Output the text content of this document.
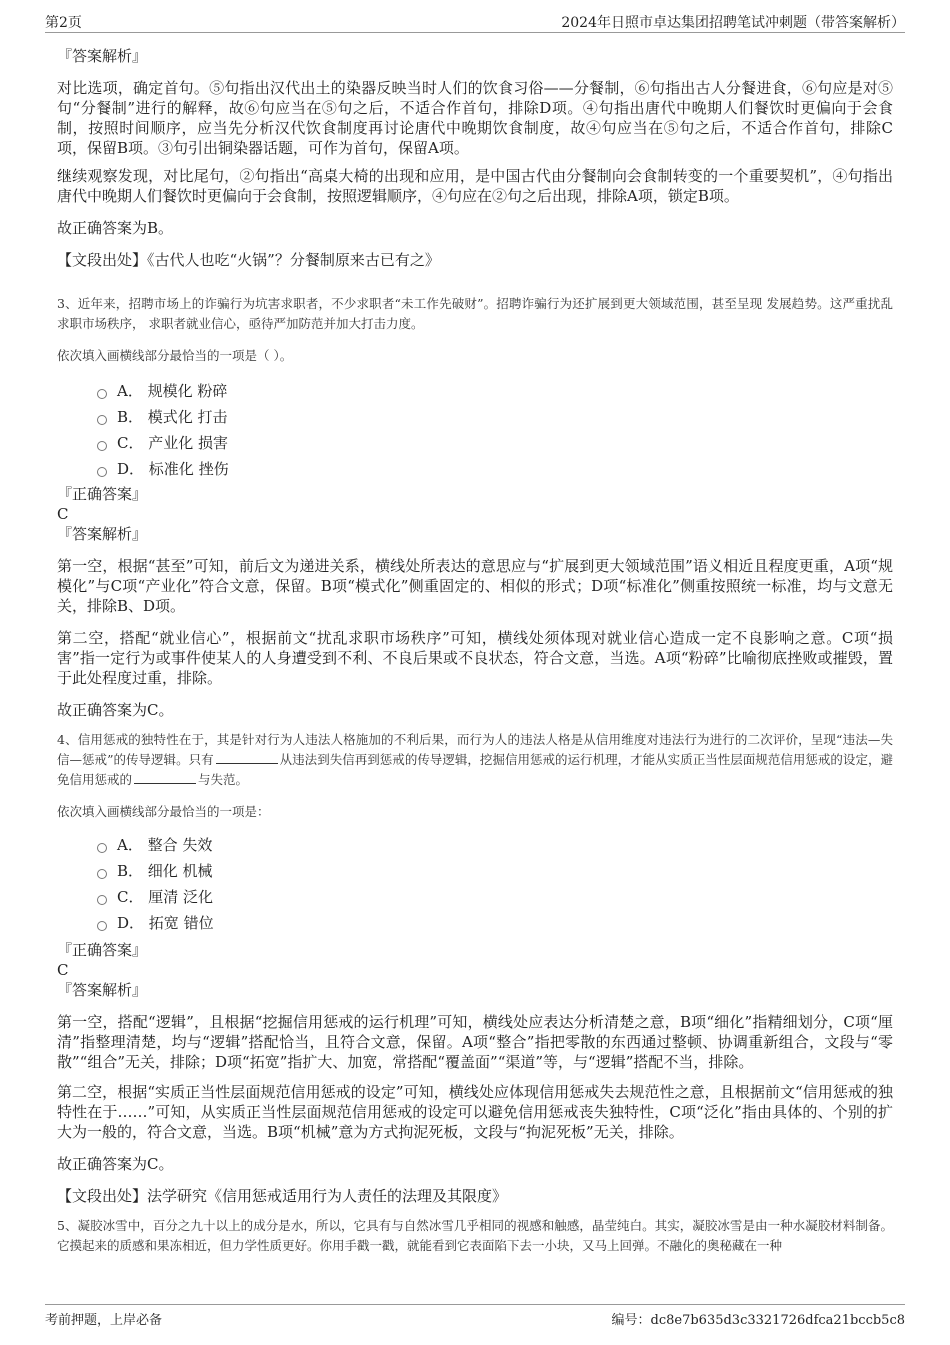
第2页	2024年日照市卓达集团招聘笔试冲刺题（带答案解析）

『答案解析』

对比选项，确定首句。⑤句指出汉代出土的染器反映当时人们的饮食习俗——分餐制，⑥句指出古人分餐进食，⑥句应是对⑤句“分餐制”进行的解释，故⑥句应当在⑤句之后，不适合作首句，排除D项。④句指出唐代中晚期人们餐饮时更偏向于会食制，按照时间顺序，应当先分析汉代饮食制度再讨论唐代中晚期饮食制度，故④句应当在⑤句之后，不适合作首句，排除C项，保留B项。③句引出铜染器话题，可作为首句，保留A项。

继续观察发现，对比尾句，②句指出“高桌大椅的出现和应用，是中国古代由分餐制向会食制转变的一个重要契机”，④句指出唐代中晚期人们餐饮时更偏向于会食制，按照逻辑顺序，④句应在②句之后出现，排除A项，锁定B项。

故正确答案为B。

【文段出处】《古代人也吃“火锅”？分餐制原来古已有之》

3、近年来，招聘市场上的诈骗行为坑害求职者，不少求职者“未工作先破财”。招聘诈骗行为还扩展到更大领域范围，甚至呈现 发展趋势。这严重扰乱求职市场秩序， 求职者就业信心，亟待严加防范并加大打击力度。

依次填入画横线部分最恰当的一项是（ ）。

A． 规模化 粉碎
B． 模式化 打击
C． 产业化 损害
D． 标准化 挫伤

『正确答案』

C

『答案解析』

第一空，根据“甚至”可知，前后文为递进关系，横线处所表达的意思应与“扩展到更大领域范围”语义相近且程度更重，A项“规模化”与C项“产业化”符合文意，保留。B项“模式化”侧重固定的、相似的形式；D项“标准化”侧重按照统一标准，均与文意无关，排除B、D项。

第二空，搭配“就业信心”，根据前文“扰乱求职市场秩序”可知，横线处须体现对就业信心造成一定不良影响之意。C项“损害”指一定行为或事件使某人的人身遭受到不利、不良后果或不良状态，符合文意，当选。A项“粉碎”比喻彻底挫败或摧毁，置于此处程度过重，排除。

故正确答案为C。

4、信用惩戒的独特性在于，其是针对行为人违法人格施加的不利后果，而行为人的违法人格是从信用维度对违法行为进行的二次评价，呈现“违法—失信—惩戒”的传导逻辑。只有	从违法到失信再到惩戒的传导逻辑，挖掘信用惩戒的运行机理，才能从实质正当性层面规范信用惩戒的设定，避免信用惩戒的	与失范。

依次填入画横线部分最恰当的一项是：

A． 整合 失效
B． 细化 机械
C． 厘清 泛化
D． 拓宽 错位

『正确答案』

C

『答案解析』

第一空，搭配“逻辑”，且根据“挖掘信用惩戒的运行机理”可知，横线处应表达分析清楚之意，B项“细化”指精细划分，C项“厘清”指整理清楚，均与“逻辑”搭配恰当，且符合文意，保留。A项“整合”指把零散的东西通过整顿、协调重新组合，文段与“零散”“组合”无关，排除；D项“拓宽”指扩大、加宽，常搭配“覆盖面”“渠道”等，与“逻辑”搭配不当，排除。

第二空，根据“实质正当性层面规范信用惩戒的设定”可知，横线处应体现信用惩戒失去规范性之意，且根据前文“信用惩戒的独特性在于……”可知，从实质正当性层面规范信用惩戒的设定可以避免信用惩戒丧失独特性，C项“泛化”指由具体的、个别的扩大为一般的，符合文意，当选。B项“机械”意为方式拘泥死板，文段与“拘泥死板”无关，排除。

故正确答案为C。

【文段出处】法学研究《信用惩戒适用行为人责任的法理及其限度》

5、凝胶冰雪中，百分之九十以上的成分是水，所以，它具有与自然冰雪几乎相同的视感和触感，晶莹纯白。其实，凝胶冰雪是由一种水凝胶材料制备。它摸起来的质感和果冻相近，但力学性质更好。你用手戳一戳，就能看到它表面陷下去一小块，又马上回弹。不融化的奥秘藏在一种

考前押题，上岸必备	编号：dc8e7b635d3c3321726dfca21bccb5c8
